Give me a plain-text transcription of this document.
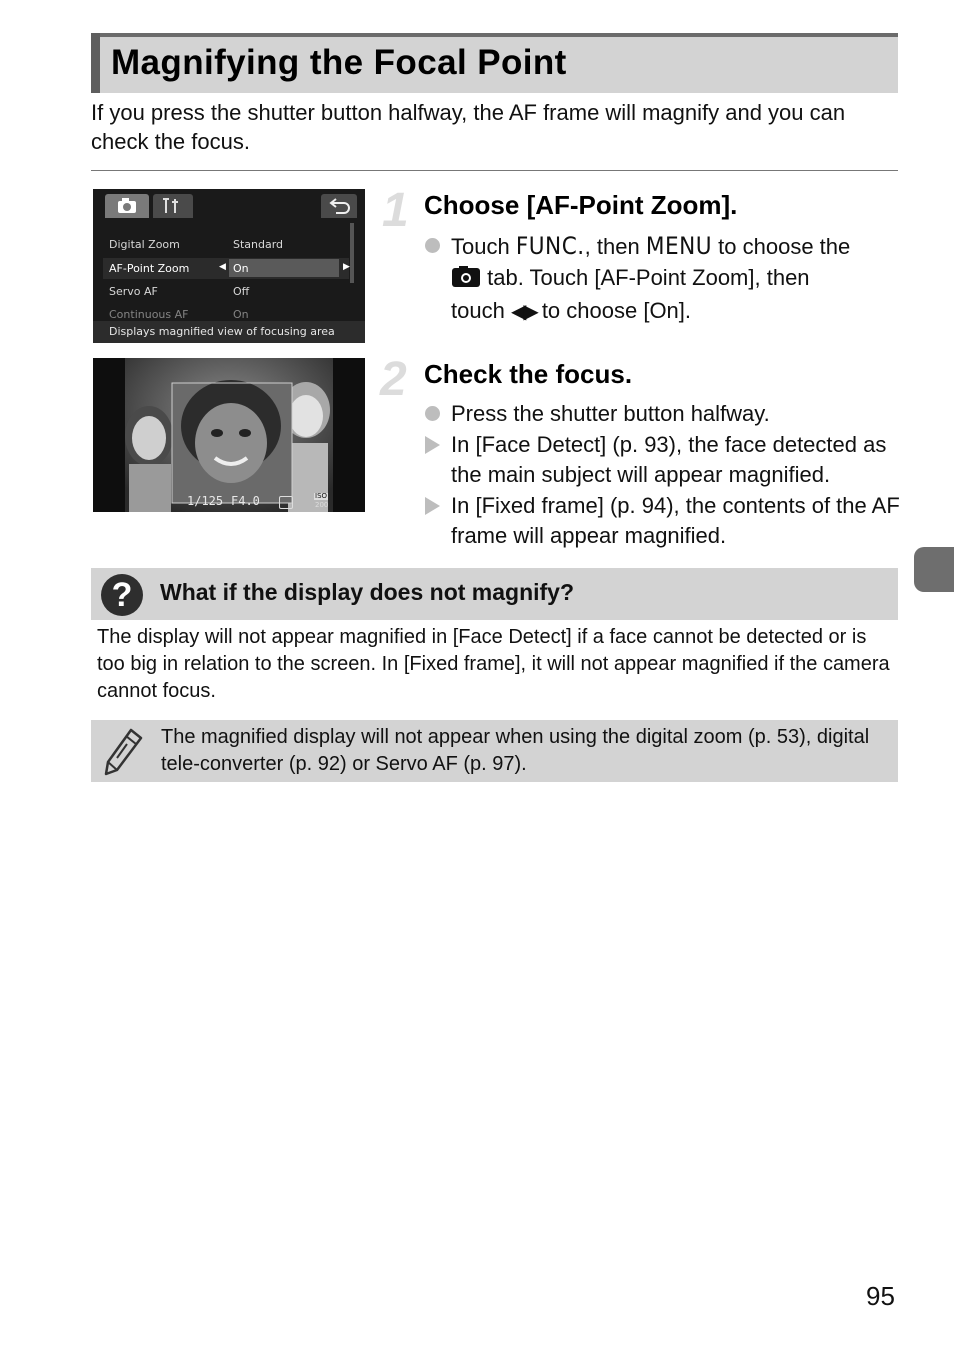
Magnifying the Focal Point
If you press the shutter button halfway, the AF frame will magnify and you can check the focus.
Digital Zoom	Standard
AF-Point Zoom	◀ On	▶
Servo AF	Off
Continuous AF	On
Displays magnified view of focusing area
1/125 F4.0	ISO
200
1 Choose [AF-Point Zoom].
Touch FUNC., then MENU to choose the
tab. Touch [AF-Point Zoom], then
touch ◀▶ to choose [On].
2 Check the focus.
Press the shutter button halfway.
In [Face Detect] (p. 93), the face detected as the main subject will appear magnified.
In [Fixed frame] (p. 94), the contents of the AF frame will appear magnified.
?	What if the display does not magnify?
The display will not appear magnified in [Face Detect] if a face cannot be detected or is too big in relation to the screen. In [Fixed frame], it will not appear magnified if the camera cannot focus.

The magnified display will not appear when using the digital zoom (p. 53), digital tele-converter (p. 92) or Servo AF (p. 97).

95
